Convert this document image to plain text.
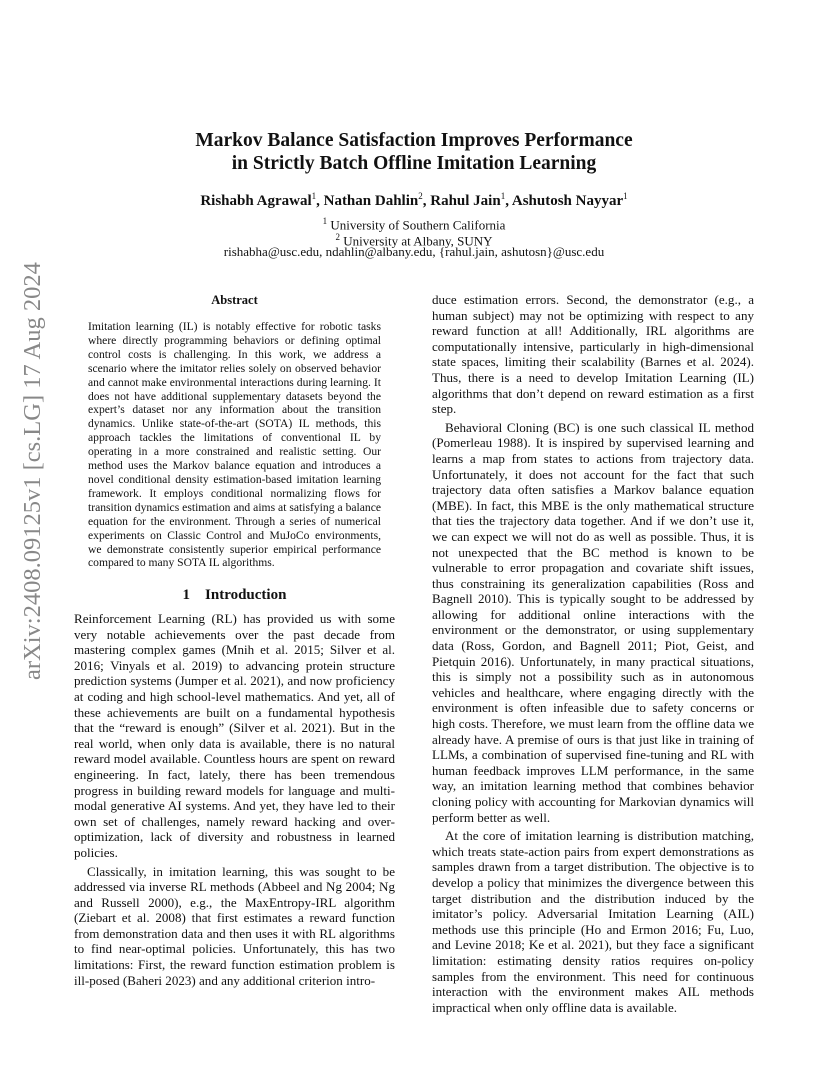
arXiv:2408.09125v1 [cs.LG] 17 Aug 2024
Markov Balance Satisfaction Improves Performance
in Strictly Batch Offline Imitation Learning
Rishabh Agrawal$^1$, Nathan Dahlin$^2$, Rahul Jain$^1$, Ashutosh Nayyar$^1$
$^1$ University of Southern California
$^2$ University at Albany, SUNY
rishabha@usc.edu, ndahlin@albany.edu, {rahul.jain, ashutosn}@usc.edu
Abstract
Imitation learning (IL) is notably effective for robotic tasks where directly programming behaviors or defining optimal control costs is challenging. In this work, we address a scenario where the imitator relies solely on observed behavior and cannot make environmental interactions during learning. It does not have additional supplementary datasets beyond the expert’s dataset nor any information about the transition dynamics. Unlike state-of-the-art (SOTA) IL methods, this approach tackles the limitations of conventional IL by operating in a more constrained and realistic setting. Our method uses the Markov balance equation and introduces a novel conditional density estimation-based imitation learning framework. It employs conditional normalizing flows for transition dynamics estimation and aims at satisfying a balance equation for the environment. Through a series of numerical experiments on Classic Control and MuJoCo environments, we demonstrate consistently superior empirical performance compared to many SOTA IL algorithms.
1    Introduction

Reinforcement Learning (RL) has provided us with some very notable achievements over the past decade from mastering complex games (Mnih et al. 2015; Silver et al. 2016; Vinyals et al. 2019) to advancing protein structure prediction systems (Jumper et al. 2021), and now proficiency at coding and high school-level mathematics. And yet, all of these achievements are built on a fundamental hypothesis that the “reward is enough” (Silver et al. 2021). But in the real world, when only data is available, there is no natural reward model available. Countless hours are spent on reward engineering. In fact, lately, there has been tremendous progress in building reward models for language and multi-modal generative AI systems. And yet, they have led to their own set of challenges, namely reward hacking and over-optimization, lack of diversity and robustness in learned policies.

Classically, in imitation learning, this was sought to be addressed via inverse RL methods (Abbeel and Ng 2004; Ng and Russell 2000), e.g., the MaxEntropy-IRL algorithm (Ziebart et al. 2008) that first estimates a reward function from demonstration data and then uses it with RL algorithms to find near-optimal policies. Unfortunately, this has two limitations: First, the reward function estimation problem is ill-posed (Baheri 2023) and any additional criterion intro-

duce estimation errors. Second, the demonstrator (e.g., a human subject) may not be optimizing with respect to any reward function at all! Additionally, IRL algorithms are computationally intensive, particularly in high-dimensional state spaces, limiting their scalability (Barnes et al. 2024). Thus, there is a need to develop Imitation Learning (IL) algorithms that don’t depend on reward estimation as a first step.

Behavioral Cloning (BC) is one such classical IL method (Pomerleau 1988). It is inspired by supervised learning and learns a map from states to actions from trajectory data. Unfortunately, it does not account for the fact that such trajectory data often satisfies a Markov balance equation (MBE). In fact, this MBE is the only mathematical structure that ties the trajectory data together. And if we don’t use it, we can expect we will not do as well as possible. Thus, it is not unexpected that the BC method is known to be vulnerable to error propagation and covariate shift issues, thus constraining its generalization capabilities (Ross and Bagnell 2010). This is typically sought to be addressed by allowing for additional online interactions with the environment or the demonstrator, or using supplementary data (Ross, Gordon, and Bagnell 2011; Piot, Geist, and Pietquin 2016). Unfortunately, in many practical situations, this is simply not a possibility such as in autonomous vehicles and healthcare, where engaging directly with the environment is often infeasible due to safety concerns or high costs. Therefore, we must learn from the offline data we already have. A premise of ours is that just like in training of LLMs, a combination of supervised fine-tuning and RL with human feedback improves LLM performance, in the same way, an imitation learning method that combines behavior cloning policy with accounting for Markovian dynamics will perform better as well.

At the core of imitation learning is distribution matching, which treats state-action pairs from expert demonstrations as samples drawn from a target distribution. The objective is to develop a policy that minimizes the divergence between this target distribution and the distribution induced by the imitator’s policy. Adversarial Imitation Learning (AIL) methods use this principle (Ho and Ermon 2016; Fu, Luo, and Levine 2018; Ke et al. 2021), but they face a significant limitation: estimating density ratios requires on-policy samples from the environment. This need for continuous interaction with the environment makes AIL methods impractical when only offline data is available.
